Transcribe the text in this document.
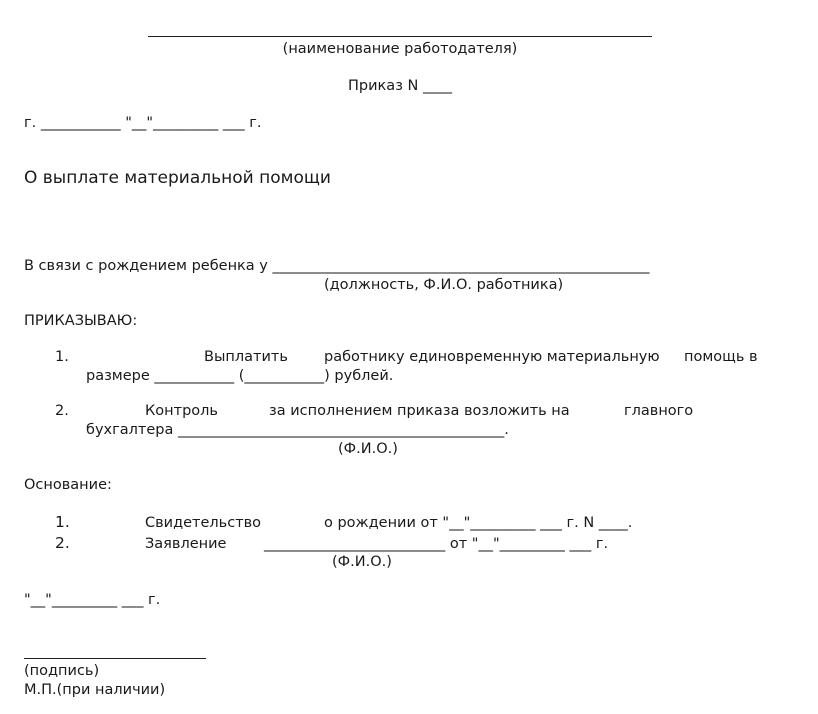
(наименование работодателя)
Приказ N ____
г. ___________ "__"_________ ___ г.
О выплате материальной помощи
В связи с рождением ребенка у ____________________________________________________
(должность, Ф.И.О. работника)
ПРИКАЗЫВАЮ:
1.	Выплатить работнику единовременную материальную помощь в
размере ___________ (___________) рублей.
2.	Контроль	за исполнением приказа возложить на	главного
бухгалтера _____________________________________________.
(Ф.И.О.)
Основание:
1.	Свидетельство	о рождении от "__"_________ ___ г. N ____.
2.	Заявление	_________________________ от "__"_________ ___ г.
(Ф.И.О.)
"__"_________ ___ г.
(подпись)
М.П.(при наличии)
